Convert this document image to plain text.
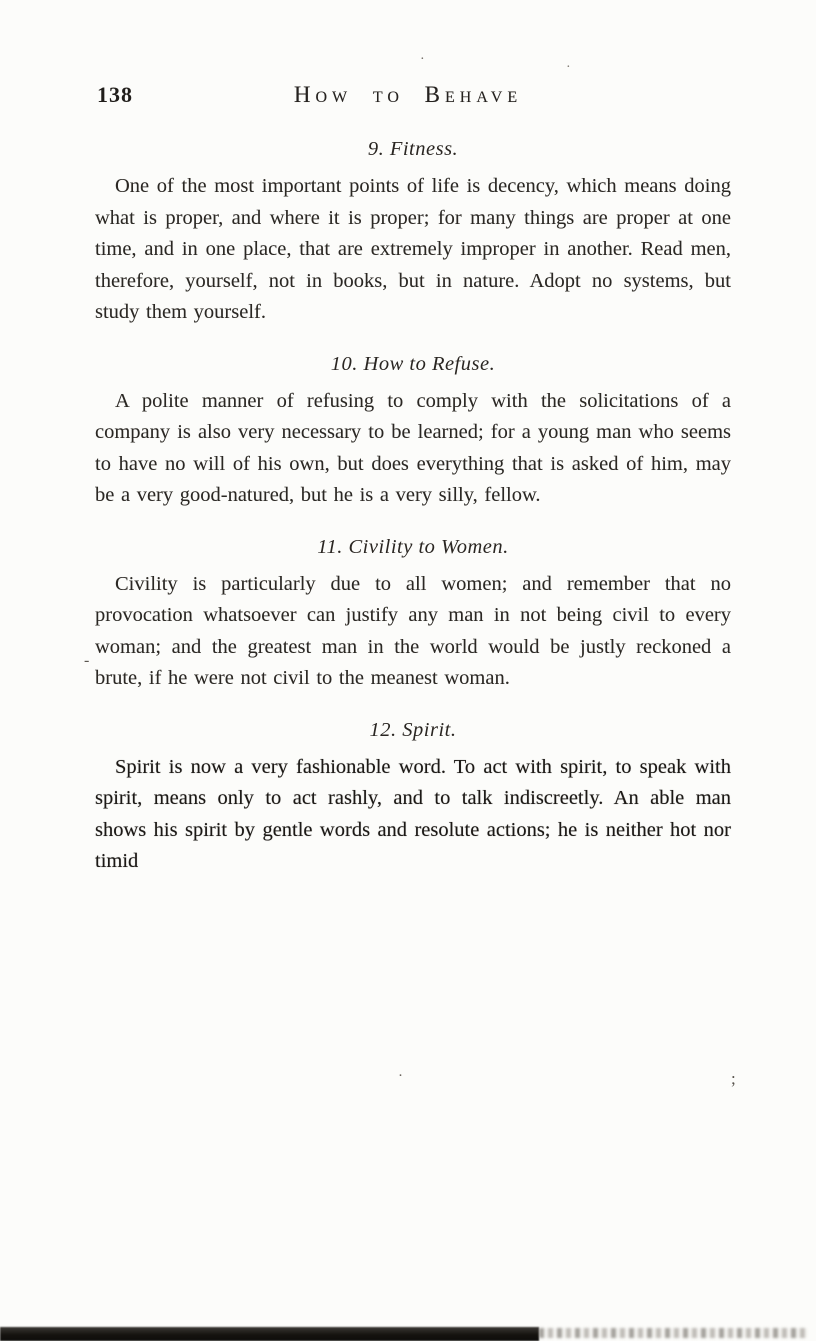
138	How to Behave
9. Fitness.

One of the most important points of life is decency, which means doing what is proper, and where it is proper; for many things are proper at one time, and in one place, that are extremely improper in another. Read men, therefore, yourself, not in books, but in nature. Adopt no systems, but study them yourself.

10. How to Refuse.

A polite manner of refusing to comply with the solicitations of a company is also very necessary to be learned; for a young man who seems to have no will of his own, but does everything that is asked of him, may be a very good-natured, but he is a very silly, fellow.

11. Civility to Women.

Civility is particularly due to all women; and remember that no provocation whatsoever can justify any man in not being civil to every woman; and the greatest man in the world would be justly reckoned a brute, if he were not civil to the meanest woman.

12. Spirit.

Spirit is now a very fashionable word. To act with spirit, to speak with spirit, means only to act rashly, and to talk indiscreetly. An able man shows his spirit by gentle words and resolute actions; he is neither hot nor timid

-
·
·
·	;
